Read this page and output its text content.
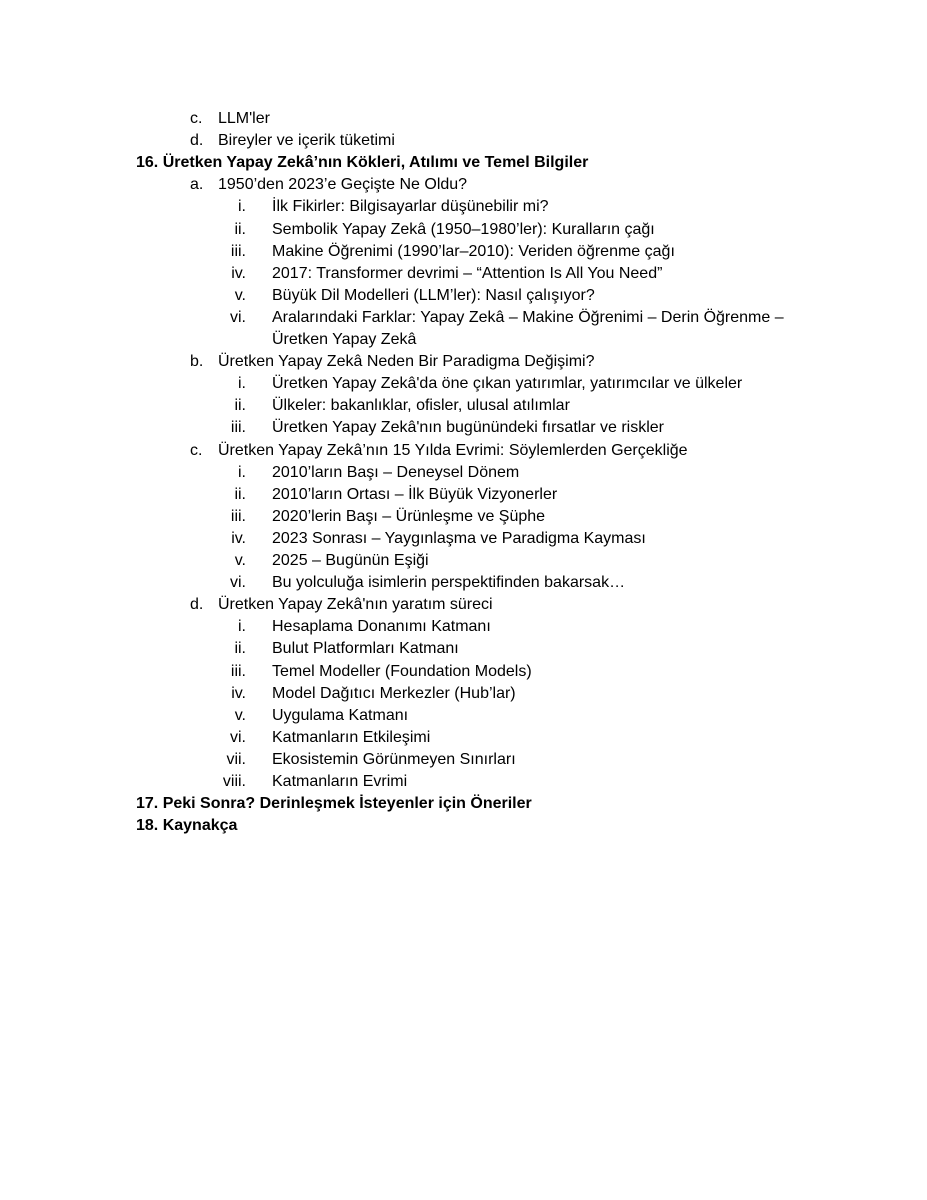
c. LLM'ler
d. Bireyler ve içerik tüketimi
16. Üretken Yapay Zekâ’nın Kökleri, Atılımı ve Temel Bilgiler
a. 1950’den 2023’e Geçişte Ne Oldu?
i. İlk Fikirler: Bilgisayarlar düşünebilir mi?
ii. Sembolik Yapay Zekâ (1950–1980’ler): Kuralların çağı
iii. Makine Öğrenimi (1990’lar–2010): Veriden öğrenme çağı
iv. 2017: Transformer devrimi – “Attention Is All You Need”
v. Büyük Dil Modelleri (LLM’ler): Nasıl çalışıyor?
vi. Aralarındaki Farklar: Yapay Zekâ – Makine Öğrenimi – Derin Öğrenme –
Üretken Yapay Zekâ
b. Üretken Yapay Zekâ Neden Bir Paradigma Değişimi?
i. Üretken Yapay Zekâ'da öne çıkan yatırımlar, yatırımcılar ve ülkeler
ii. Ülkeler: bakanlıklar, ofisler, ulusal atılımlar
iii. Üretken Yapay Zekâ'nın bugünündeki fırsatlar ve riskler
c. Üretken Yapay Zekâ’nın 15 Yılda Evrimi: Söylemlerden Gerçekliğe
i. 2010’ların Başı – Deneysel Dönem
ii. 2010’ların Ortası – İlk Büyük Vizyonerler
iii. 2020’lerin Başı – Ürünleşme ve Şüphe
iv. 2023 Sonrası – Yaygınlaşma ve Paradigma Kayması
v. 2025 – Bugünün Eşiği
vi. Bu yolculuğa isimlerin perspektifinden bakarsak…
d. Üretken Yapay Zekâ'nın yaratım süreci
i. Hesaplama Donanımı Katmanı
ii. Bulut Platformları Katmanı
iii. Temel Modeller (Foundation Models)
iv. Model Dağıtıcı Merkezler (Hub’lar)
v. Uygulama Katmanı
vi. Katmanların Etkileşimi
vii. Ekosistemin Görünmeyen Sınırları
viii. Katmanların Evrimi
17. Peki Sonra? Derinleşmek İsteyenler için Öneriler
18. Kaynakça
